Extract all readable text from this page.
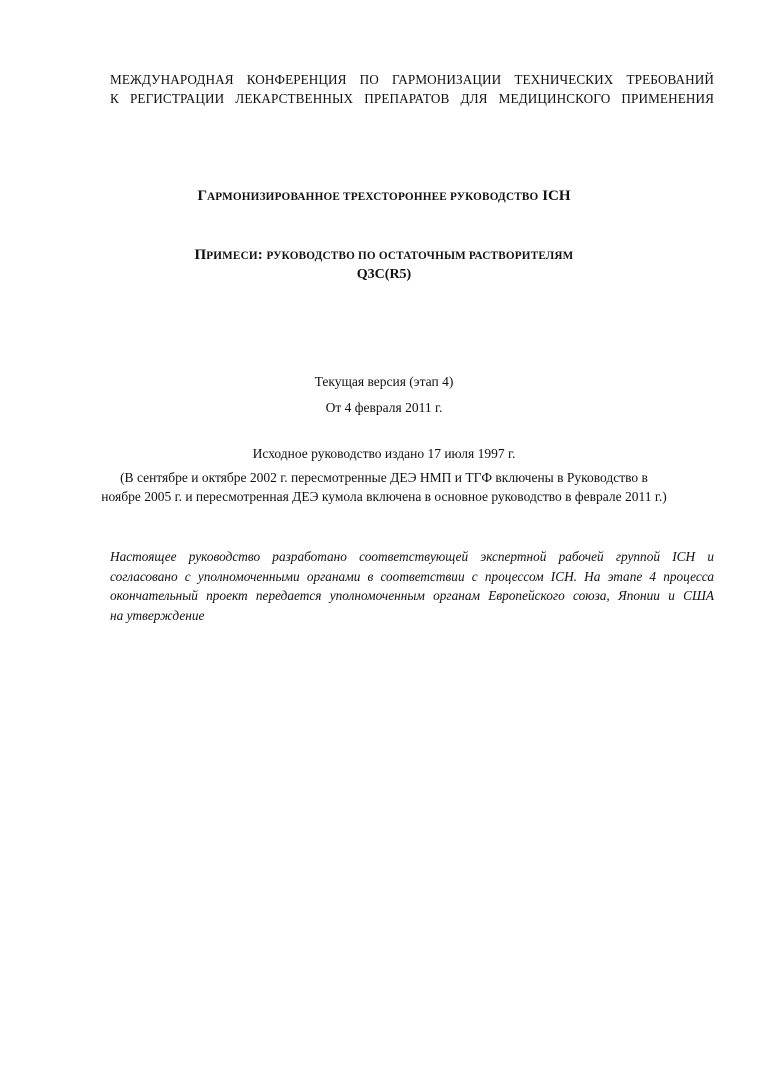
МЕЖДУНАРОДНАЯ КОНФЕРЕНЦИЯ ПО ГАРМОНИЗАЦИИ ТЕХНИЧЕСКИХ ТРЕБОВАНИЙ
К РЕГИСТРАЦИИ ЛЕКАРСТВЕННЫХ ПРЕПАРАТОВ ДЛЯ МЕДИЦИНСКОГО ПРИМЕНЕНИЯ
ГАРМОНИЗИРОВАННОЕ ТРЕХСТОРОННЕЕ РУКОВОДСТВО ICH
ПРИМЕСИ: РУКОВОДСТВО ПО ОСТАТОЧНЫМ РАСТВОРИТЕЛЯМ
Q3C(R5)
Текущая версия (этап 4)
От 4 февраля 2011 г.
Исходное руководство издано 17 июля 1997 г.
(В сентябре и октябре 2002 г. пересмотренные ДЕЭ НМП и ТГФ включены в Руководство в
ноябре 2005 г. и пересмотренная ДЕЭ кумола включена в основное руководство в феврале 2011 г.)
Настоящее руководство разработано соответствующей экспертной рабочей группой ICH и
согласовано с уполномоченными органами в соответствии с процессом ICH. На этапе 4 процесса
окончательный проект передается уполномоченным органам Европейского союза, Японии и США
на утверждение
